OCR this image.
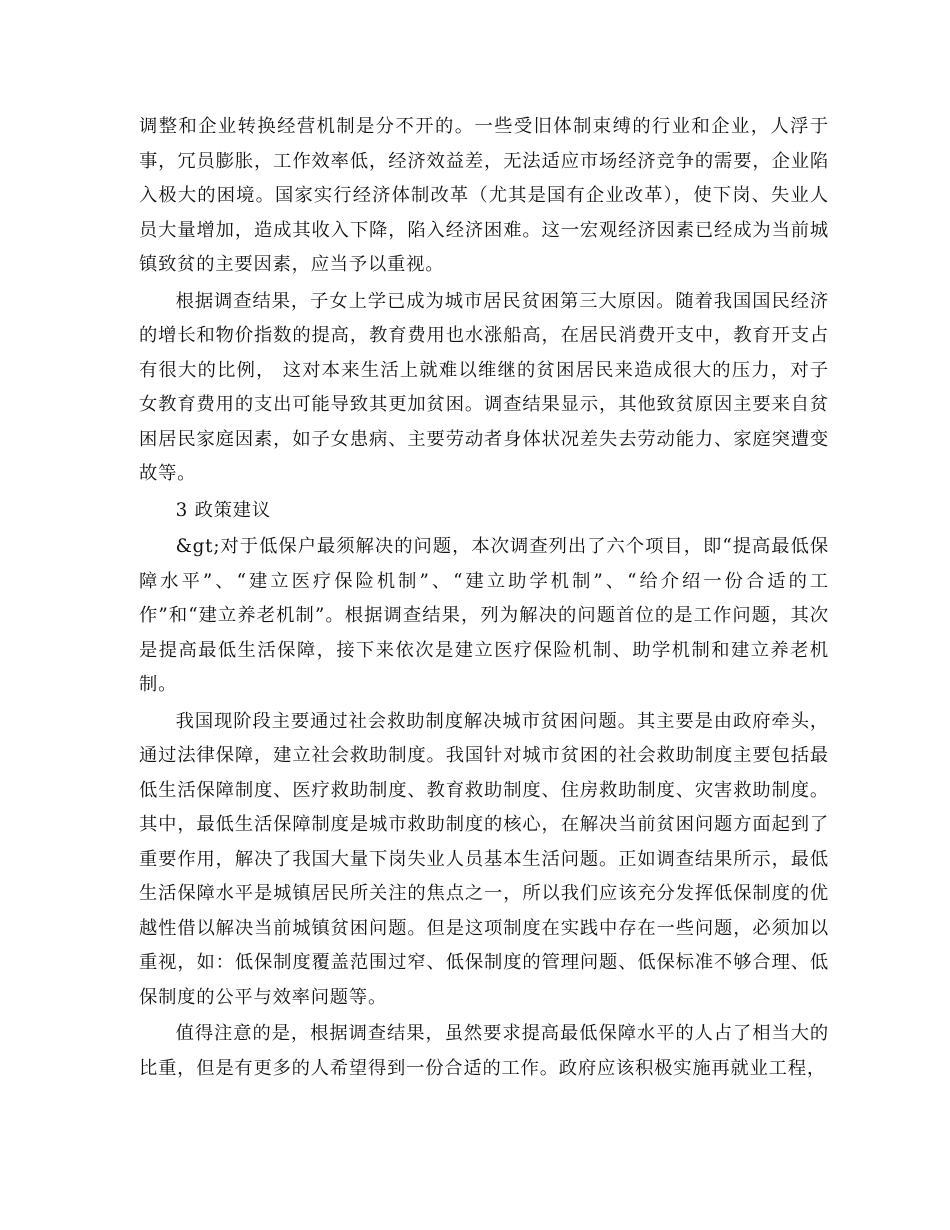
调整和企业转换经营机制是分不开的。一些受旧体制束缚的行业和企业，人浮于事，冗员膨胀，工作效率低，经济效益差，无法适应市场经济竞争的需要，企业陷入极大的困境。国家实行经济体制改革（尤其是国有企业改革），使下岗、失业人员大量增加，造成其收入下降，陷入经济困难。这一宏观经济因素已经成为当前城镇致贫的主要因素，应当予以重视。

根据调查结果，子女上学已成为城市居民贫困第三大原因。随着我国国民经济的增长和物价指数的提高，教育费用也水涨船高，在居民消费开支中，教育开支占有很大的比例， 这对本来生活上就难以维继的贫困居民来造成很大的压力，对子女教育费用的支出可能导致其更加贫困。调查结果显示，其他致贫原因主要来自贫困居民家庭因素，如子女患病、主要劳动者身体状况差失去劳动能力、家庭突遭变故等。

3 政策建议

&gt;对于低保户最须解决的问题，本次调查列出了六个项目，即“提高最低保障水平”、“建立医疗保险机制”、“建立助学机制”、“给介绍一份合适的工作”和“建立养老机制”。根据调查结果，列为解决的问题首位的是工作问题，其次是提高最低生活保障，接下来依次是建立医疗保险机制、助学机制和建立养老机制。

我国现阶段主要通过社会救助制度解决城市贫困问题。其主要是由政府牵头，通过法律保障，建立社会救助制度。我国针对城市贫困的社会救助制度主要包括最低生活保障制度、医疗救助制度、教育救助制度、住房救助制度、灾害救助制度。其中，最低生活保障制度是城市救助制度的核心，在解决当前贫困问题方面起到了重要作用，解决了我国大量下岗失业人员基本生活问题。正如调查结果所示，最低生活保障水平是城镇居民所关注的焦点之一，所以我们应该充分发挥低保制度的优越性借以解决当前城镇贫困问题。但是这项制度在实践中存在一些问题，必须加以重视，如：低保制度覆盖范围过窄、低保制度的管理问题、低保标准不够合理、低保制度的公平与效率问题等。

值得注意的是，根据调查结果，虽然要求提高最低保障水平的人占了相当大的比重，但是有更多的人希望得到一份合适的工作。政府应该积极实施再就业工程，
